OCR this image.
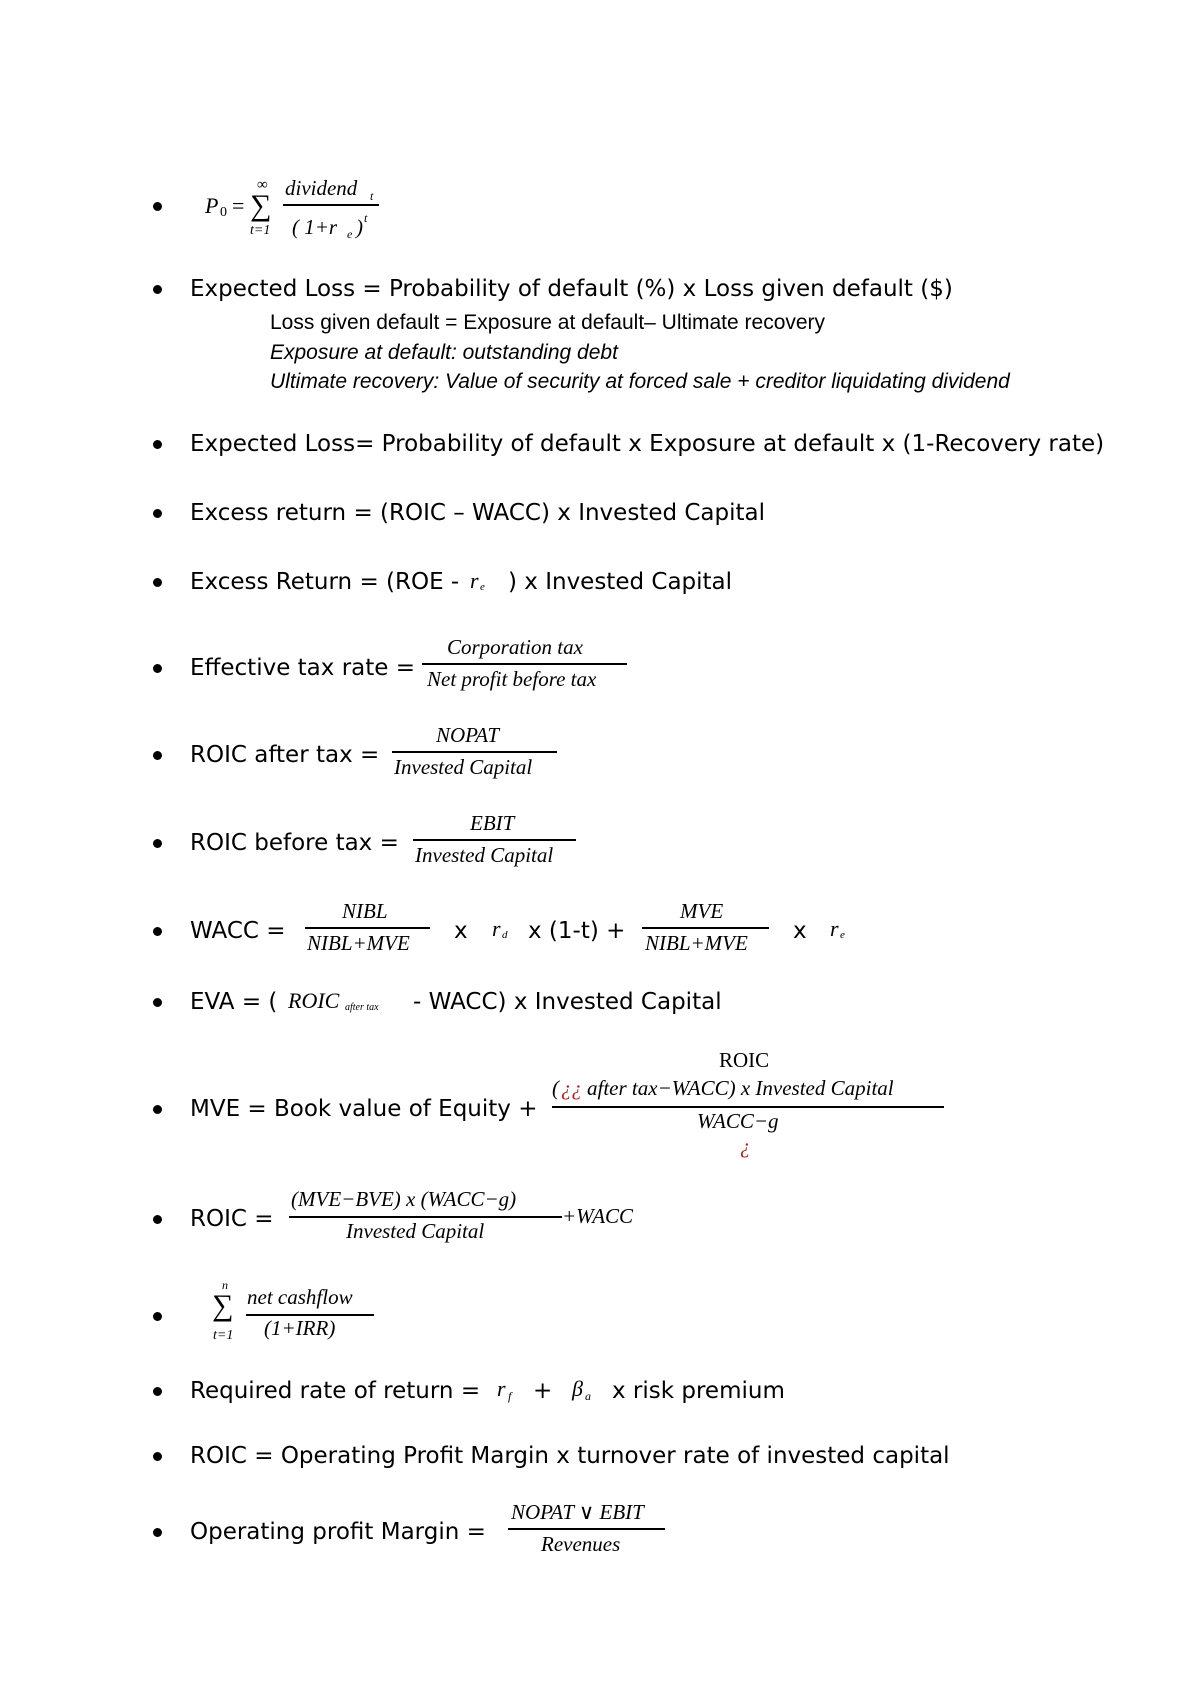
P 0 =
∞
∑
t=1
dividend t
( 1+r e ) t
Expected Loss = Probability of default (%) x Loss given default ($)
Loss given default = Exposure at default– Ultimate recovery
Exposure at default: outstanding debt
Ultimate recovery: Value of security at forced sale + creditor liquidating dividend
Expected Loss= Probability of default x Exposure at default x (1-Recovery rate)
Excess return = (ROIC – WACC) x Invested Capital
Excess Return = (ROE - r e ) x Invested Capital
Effective tax rate =
Corporation tax
Net profit before tax
ROIC after tax =
NOPAT
Invested Capital
ROIC before tax =
EBIT
Invested Capital
WACC =
NIBL
NIBL+MVE x r d x (1-t) +
MVE
NIBL+MVE x r e
EVA = ( ROIC after tax - WACC) x Invested Capital
MVE = Book value of Equity +
ROIC
( ¿¿ after tax−WACC) x Invested Capital
WACC−g
¿
ROIC =
(MVE−BVE) x (WACC−g)
Invested Capital
+WACC
n
∑
t=1
net cashflow
(1+IRR)
Required rate of return = r f + β a x risk premium
ROIC = Operating Profit Margin x turnover rate of invested capital
Operating profit Margin =
NOPAT ∨ EBIT
Revenues
